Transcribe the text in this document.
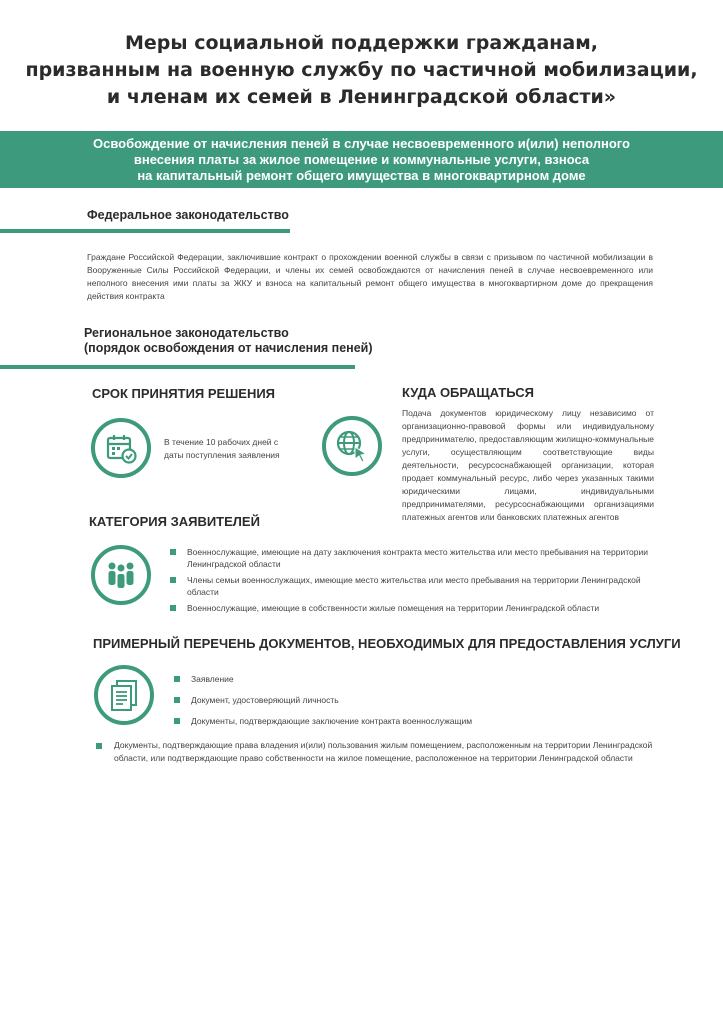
Меры социальной поддержки гражданам,
призванным на военную службу по частичной мобилизации,
и членам их семей в Ленинградской области»
Освобождение от начисления пеней в случае несвоевременного и(или) неполного
внесения платы за жилое помещение и коммунальные услуги, взноса
на капитальный ремонт общего имущества в многоквартирном доме
Федеральное законодательство
Граждане Российской Федерации, заключившие контракт о прохождении военной службы в связи с призывом по частичной мобилизации в Вооруженные Силы Российской Федерации, и члены их семей освобождаются от начисления пеней в случае несвоевременного или неполного внесения ими платы за ЖКУ и взноса на капитальный ремонт общего имущества в многоквартирном доме до прекращения действия контракта
Региональное законодательство
(порядок освобождения от начисления пеней)
СРОК ПРИНЯТИЯ РЕШЕНИЯ
В течение 10 рабочих дней с даты поступления заявления
КУДА ОБРАЩАТЬСЯ
Подача документов юридическому лицу независимо от организационно-правовой формы или индивидуальному предпринимателю, предоставляющим жилищно-коммунальные услуги, осуществляющим соответствующие виды деятельности, ресурсоснабжающей организации, которая продает коммунальный ресурс, либо через указанных такими юридическими лицами, индивидуальными предпринимателями, ресурсоснабжающими организациями платежных агентов или банковских платежных агентов
КАТЕГОРИЯ ЗАЯВИТЕЛЕЙ
Военнослужащие, имеющие на дату заключения контракта место жительства или место пребывания на территории Ленинградской области
Члены семьи военнослужащих, имеющие место жительства или место пребывания на территории Ленинградской области
Военнослужащие, имеющие в собственности жилые помещения на территории Ленинградской области
ПРИМЕРНЫЙ ПЕРЕЧЕНЬ ДОКУМЕНТОВ, НЕОБХОДИМЫХ ДЛЯ ПРЕДОСТАВЛЕНИЯ УСЛУГИ
Заявление
Документ, удостоверяющий личность
Документы, подтверждающие заключение контракта военнослужащим
Документы, подтверждающие права владения и(или) пользования жилым помещением, расположенным на территории Ленинградской области, или подтверждающие право собственности на жилое помещение, расположенное на территории Ленинградской области
